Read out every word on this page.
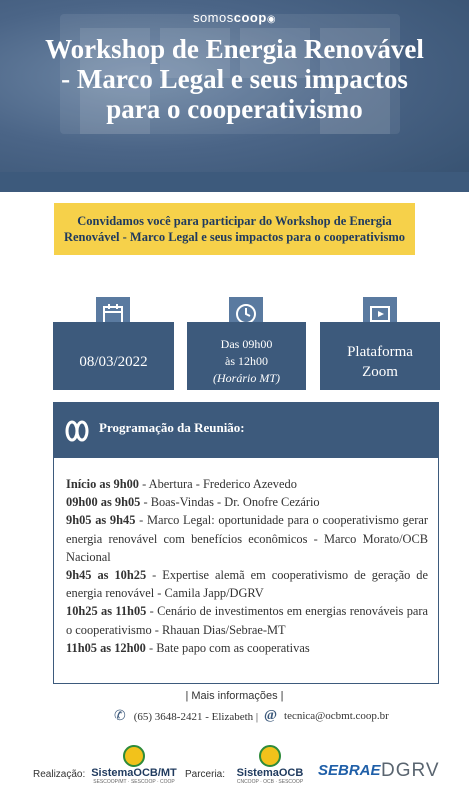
somoscoop◉
Workshop de Energia Renovável - Marco Legal e seus impactos para o cooperativismo
Convidamos você para participar do Workshop de Energia Renovável - Marco Legal e seus impactos para o cooperativismo
08/03/2022
Das 09h00
às 12h00
(Horário MT)
Plataforma
Zoom
Programação da Reunião:

Início as 9h00 - Abertura - Frederico Azevedo

09h00 as 9h05 - Boas-Vindas - Dr. Onofre Cezário

9h05 as 9h45 - Marco Legal: oportunidade para o cooperativismo gerar energia renovável com benefícios econômicos - Marco Morato/OCB Nacional

9h45 as 10h25 - Expertise alemã em cooperativismo de geração de energia renovável - Camila Japp/DGRV

10h25 as 11h05 - Cenário de investimentos em energias renováveis para o cooperativismo - Rhauan Dias/Sebrae-MT

11h05 as 12h00 - Bate papo com as cooperativas

| Mais informações |
✆ (65) 3648-2421 - Elizabeth | @ tecnica@ocbmt.coop.br
Realização: SistemaOCB/MT
SESCOOP/MT · SESCOOP · COOP
Parceria:	SistemaOCB
CNCOOP · OCB · SESCOOP
SEBRAE DGRV
